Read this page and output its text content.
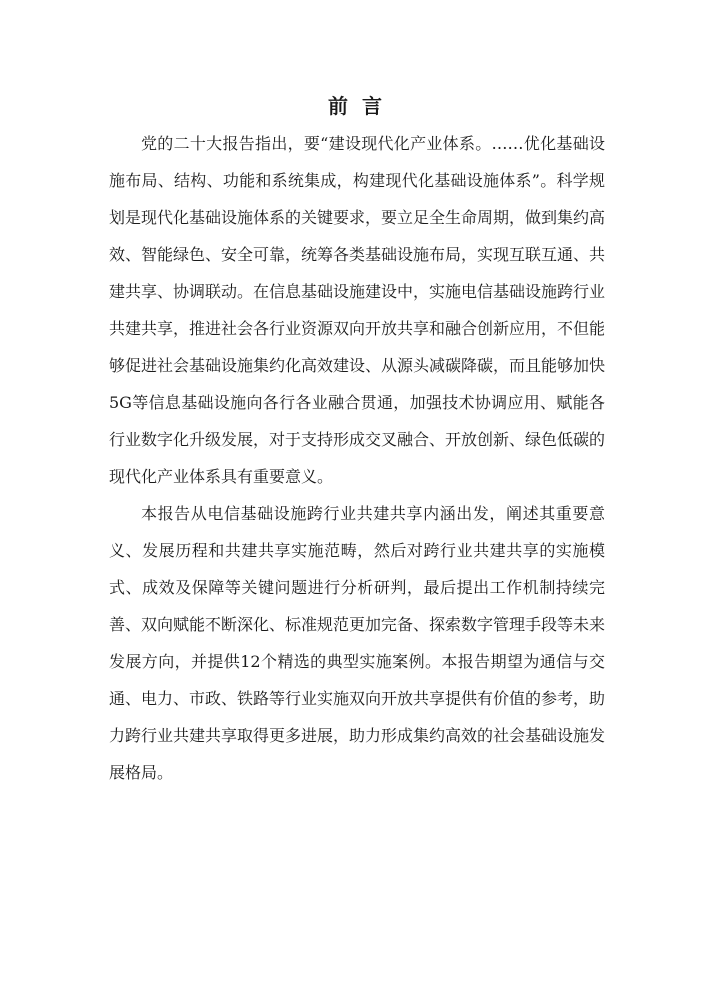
前言

党的二十大报告指出，要“建设现代化产业体系。……优化基础设施布局、结构、功能和系统集成，构建现代化基础设施体系”。科学规划是现代化基础设施体系的关键要求，要立足全生命周期，做到集约高效、智能绿色、安全可靠，统筹各类基础设施布局，实现互联互通、共建共享、协调联动。在信息基础设施建设中，实施电信基础设施跨行业共建共享，推进社会各行业资源双向开放共享和融合创新应用，不但能够促进社会基础设施集约化高效建设、从源头减碳降碳，而且能够加快5G等信息基础设施向各行各业融合贯通，加强技术协调应用、赋能各行业数字化升级发展，对于支持形成交叉融合、开放创新、绿色低碳的现代化产业体系具有重要意义。

本报告从电信基础设施跨行业共建共享内涵出发，阐述其重要意义、发展历程和共建共享实施范畴，然后对跨行业共建共享的实施模式、成效及保障等关键问题进行分析研判，最后提出工作机制持续完善、双向赋能不断深化、标准规范更加完备、探索数字管理手段等未来发展方向，并提供12个精选的典型实施案例。本报告期望为通信与交通、电力、市政、铁路等行业实施双向开放共享提供有价值的参考，助力跨行业共建共享取得更多进展，助力形成集约高效的社会基础设施发展格局。
